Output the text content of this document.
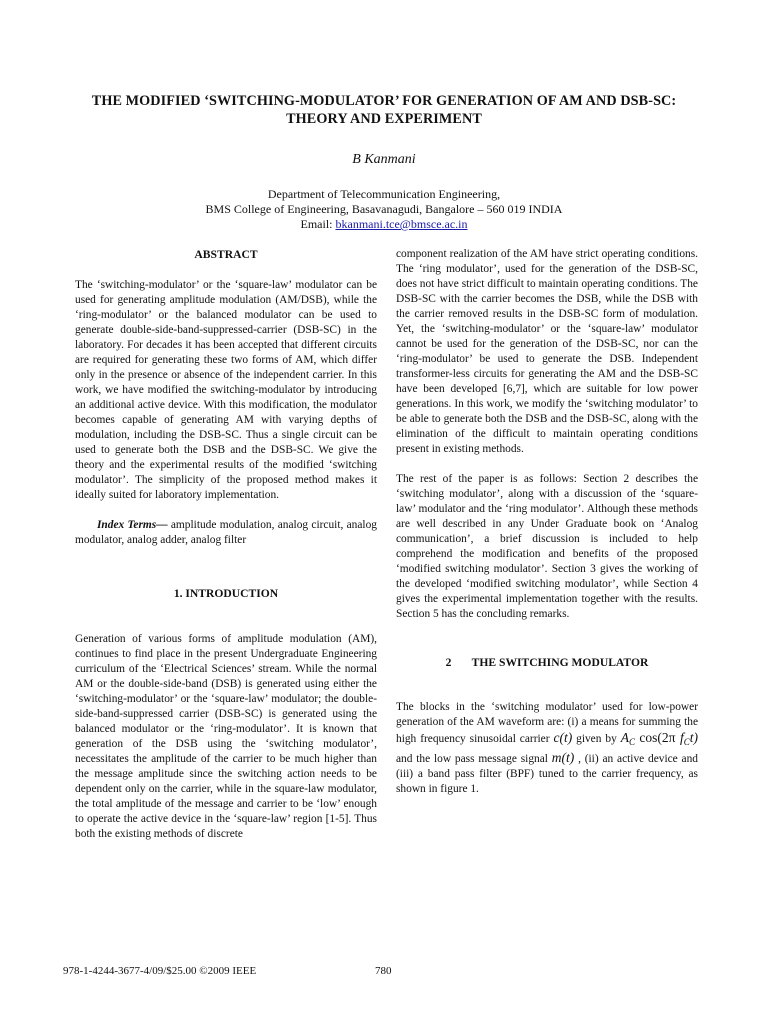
THE MODIFIED ‘SWITCHING-MODULATOR’ FOR GENERATION OF AM AND DSB-SC:
THEORY AND EXPERIMENT
B Kanmani
Department of Telecommunication Engineering,
BMS College of Engineering, Basavanagudi, Bangalore – 560 019 INDIA
Email: bkanmani.tce@bmsce.ac.in
ABSTRACT

The ‘switching-modulator’ or the ‘square-law’ modulator can be used for generating amplitude modulation (AM/DSB), while the ‘ring-modulator’ or the balanced modulator can be used to generate double-side-band-suppressed-carrier (DSB-SC) in the laboratory. For decades it has been accepted that different circuits are required for generating these two forms of AM, which differ only in the presence or absence of the independent carrier. In this work, we have modified the switching-modulator by introducing an additional active device. With this modification, the modulator becomes capable of generating AM with varying depths of modulation, including the DSB-SC. Thus a single circuit can be used to generate both the DSB and the DSB-SC. We give the theory and the experimental results of the modified ‘switching modulator’. The simplicity of the proposed method makes it ideally suited for laboratory implementation.

Index Terms— amplitude modulation, analog circuit, analog modulator, analog adder, analog filter

1. INTRODUCTION

Generation of various forms of amplitude modulation (AM), continues to find place in the present Undergraduate Engineering curriculum of the ‘Electrical Sciences’ stream. While the normal AM or the double-side-band (DSB) is generated using either the ‘switching-modulator’ or the ‘square-law’ modulator; the double-side-band-suppressed carrier (DSB-SC) is generated using the balanced modulator or the ‘ring-modulator’. It is known that generation of the DSB using the ‘switching modulator’, necessitates the amplitude of the carrier to be much higher than the message amplitude since the switching action needs to be dependent only on the carrier, while in the square-law modulator, the total amplitude of the message and carrier to be ‘low’ enough to operate the active device in the ‘square-law’ region [1-5]. Thus both the existing methods of discrete

component realization of the AM have strict operating conditions. The ‘ring modulator’, used for the generation of the DSB-SC, does not have strict difficult to maintain operating conditions. The DSB-SC with the carrier becomes the DSB, while the DSB with the carrier removed results in the DSB-SC form of modulation. Yet, the ‘switching-modulator’ or the ‘square-law’ modulator cannot be used for the generation of the DSB-SC, nor can the ‘ring-modulator’ be used to generate the DSB. Independent transformer-less circuits for generating the AM and the DSB-SC have been developed [6,7], which are suitable for low power generations. In this work, we modify the ‘switching modulator’ to be able to generate both the DSB and the DSB-SC, along with the elimination of the difficult to maintain operating conditions present in existing methods.

The rest of the paper is as follows: Section 2 describes the ‘switching modulator’, along with a discussion of the ‘square-law’ modulator and the ‘ring modulator’. Although these methods are well described in any Under Graduate book on ‘Analog communication’, a brief discussion is included to help comprehend the modification and benefits of the proposed ‘modified switching modulator’. Section 3 gives the working of the developed ‘modified switching modulator’, while Section 4 gives the experimental implementation together with the results. Section 5 has the concluding remarks.

2 THE SWITCHING MODULATOR

The blocks in the ‘switching modulator’ used for low-power generation of the AM waveform are: (i) a means for summing the high frequency sinusoidal carrier c(t) given by $A_C$ cos(2π $f_Ct$) and the low pass message signal m(t) , (ii) an active device and (iii) a band pass filter (BPF) tuned to the carrier frequency, as shown in figure 1.

978-1-4244-3677-4/09/$25.00 ©2009 IEEE	780
